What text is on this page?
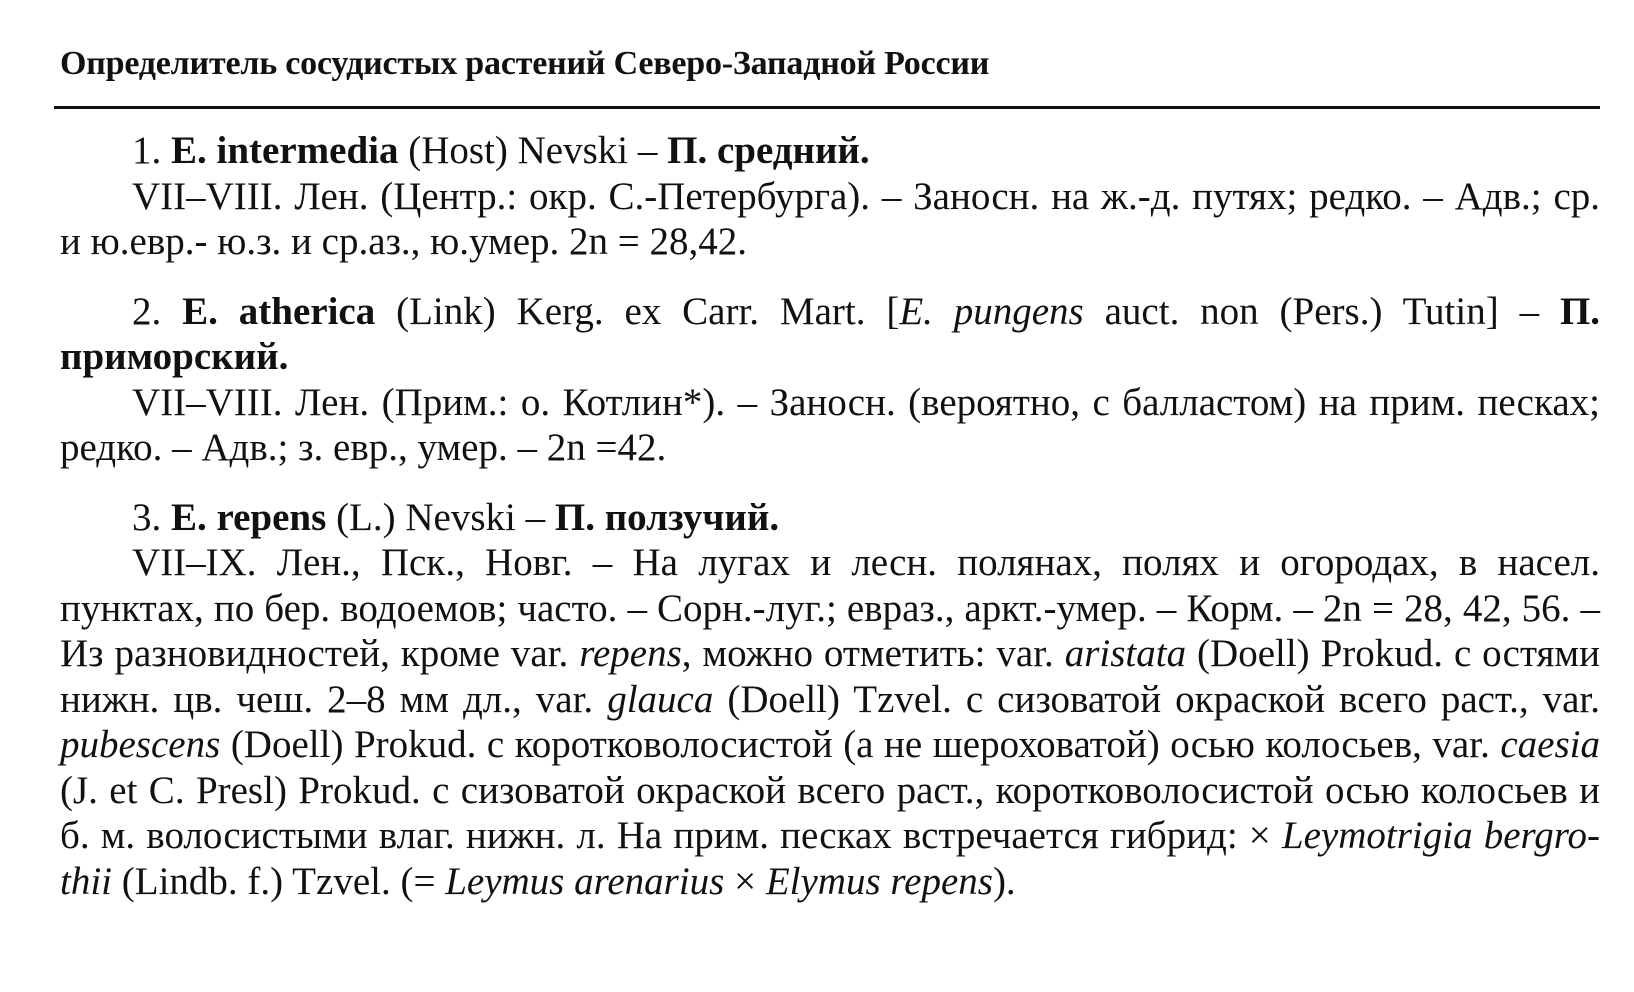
Определитель сосудистых растений Северо-Западной России

1. E. intermedia (Host) Nevski – П. средний.

VII–VIII. Лен. (Центр.: окр. С.-Петербурга). – Заносн. на ж.-д. путях; редко. – Адв.; ср. и ю.евр.- ю.з. и ср.аз., ю.умер. 2n = 28,42.

2. E. atherica (Link) Kerg. ex Carr. Mart. [E. pungens auct. non (Pers.) Tutin] – П. приморский.

VII–VIII. Лен. (Прим.: о. Котлин*). – Заносн. (вероятно, с балластом) на прим. песках; редко. – Адв.; з. евр., умер. – 2n =42.

3. E. repens (L.) Nevski – П. ползучий.

VII–IX. Лен., Пск., Новг. – На лугах и лесн. полянах, полях и огородах, в насел. пунктах, по бер. водоемов; часто. – Сорн.-луг.; евраз., аркт.-умер. – Корм. – 2n = 28, 42, 56. – Из разновидностей, кроме var. repens, можно отметить: var. aristata (Doell) Prokud. с остями нижн. цв. чеш. 2–8 мм дл., var. glauca (Doell) Tzvel. с сизоватой окраской всего раст., var. pubescens (Doell) Prokud. с коротковолосистой (а не шероховатой) осью колосьев, var. caesia (J. et C. Presl) Prokud. с сизоватой окраской всего раст., коротковолосистой осью колосьев и б. м. волосистыми влаг. нижн. л. На прим. песках встречается гибрид: × Leymotrigia bergrothii (Lindb. f.) Tzvel. (= Leymus arenarius × Elymus repens).
